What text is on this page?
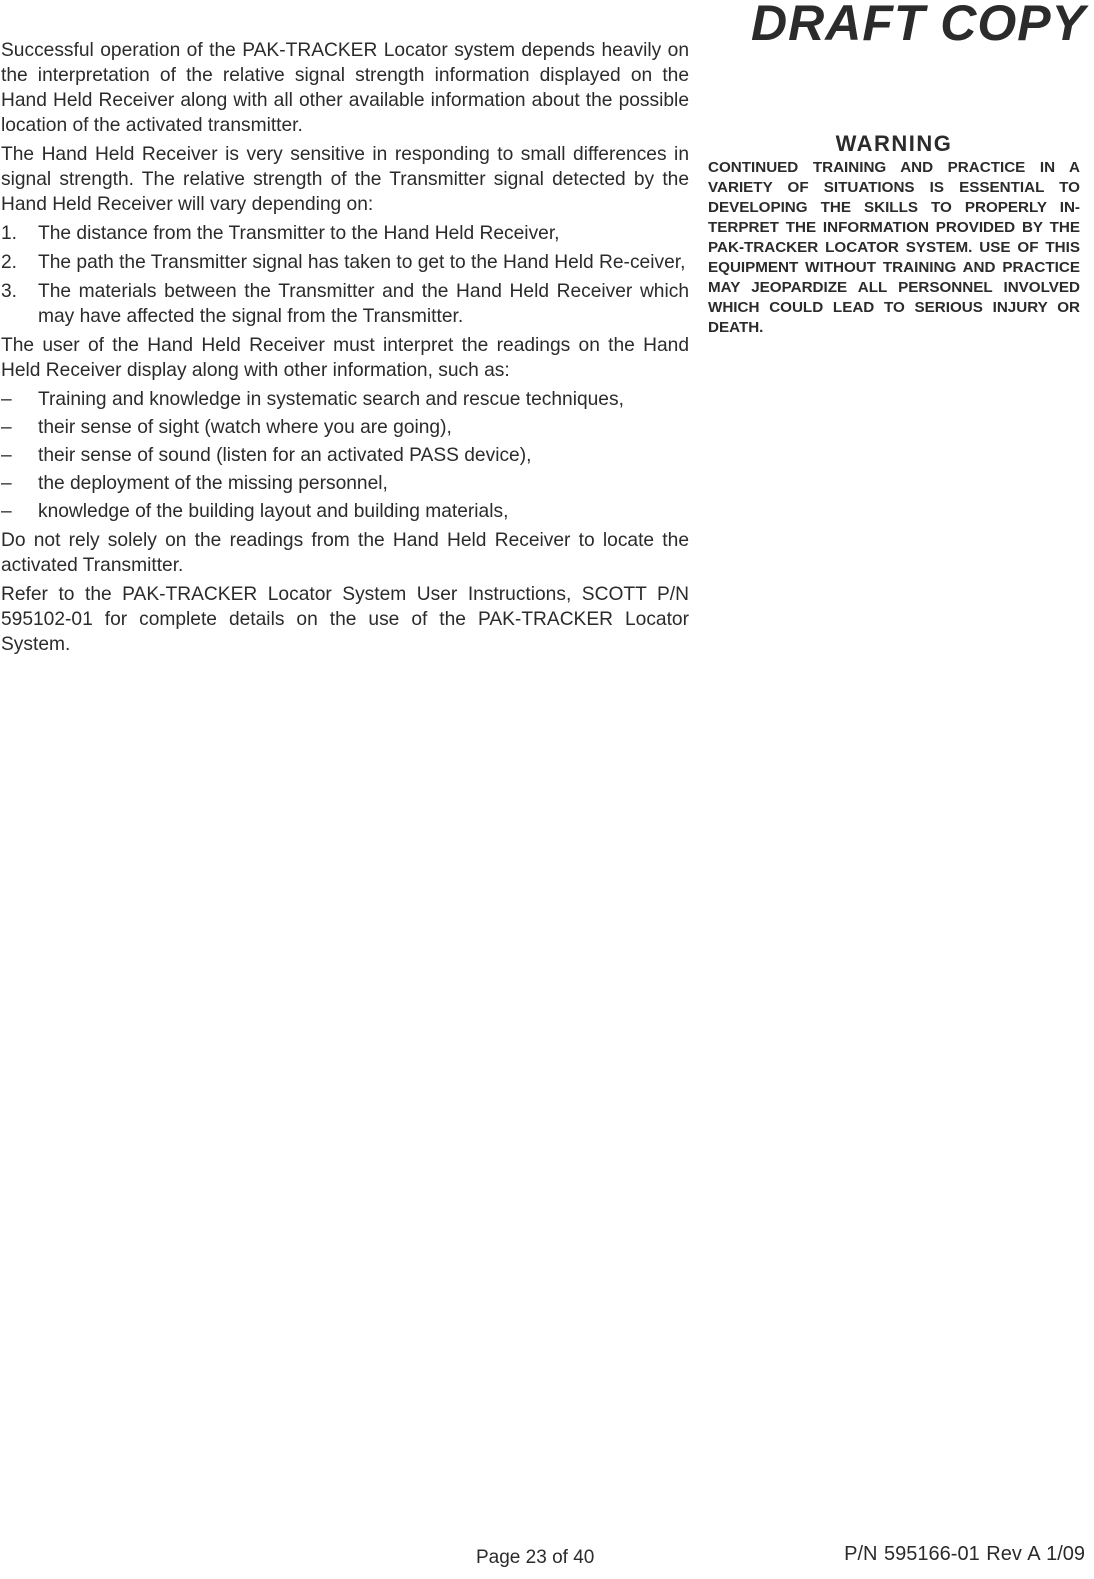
DRAFT COPY

Successful operation of the PAK-TRACKER Locator system depends heavily on the interpretation of the relative signal strength information displayed on the Hand Held Receiver along with all other available information about the possible location of the activated transmitter.

The Hand Held Receiver is very sensitive in responding to small differences in signal strength. The relative strength of the Transmitter signal detected by the Hand Held Receiver will vary depending on:

1.	The distance from the Transmitter to the Hand Held Receiver,
2.	The path the Transmitter signal has taken to get to the Hand Held Re-ceiver,
3.	The materials between the Transmitter and the Hand Held Receiver which may have affected the signal from the Transmitter.

The user of the Hand Held Receiver must interpret the readings on the Hand Held Receiver display along with other information, such as:

–	Training and knowledge in systematic search and rescue techniques,
–	their sense of sight (watch where you are going),
–	their sense of sound (listen for an activated PASS device),
–	the deployment of the missing personnel,
–	knowledge of the building layout and building materials,

Do not rely solely on the readings from the Hand Held Receiver to locate the activated Transmitter.

Refer to the PAK-TRACKER Locator System User Instructions, SCOTT P/N 595102-01 for complete details on the use of the PAK-TRACKER Locator System.

WARNING

CONTINUED TRAINING AND PRACTICE IN A VARIETY OF SITUATIONS IS ESSENTIAL TO DEVELOPING THE SKILLS TO PROPERLY IN-TERPRET THE INFORMATION PROVIDED BY THE PAK-TRACKER LOCATOR SYSTEM. USE OF THIS EQUIPMENT WITHOUT TRAINING AND PRACTICE MAY JEOPARDIZE ALL PERSONNEL INVOLVED WHICH COULD LEAD TO SERIOUS INJURY OR DEATH.

Page 23 of 40	P/N 595166-01 Rev A 1/09
